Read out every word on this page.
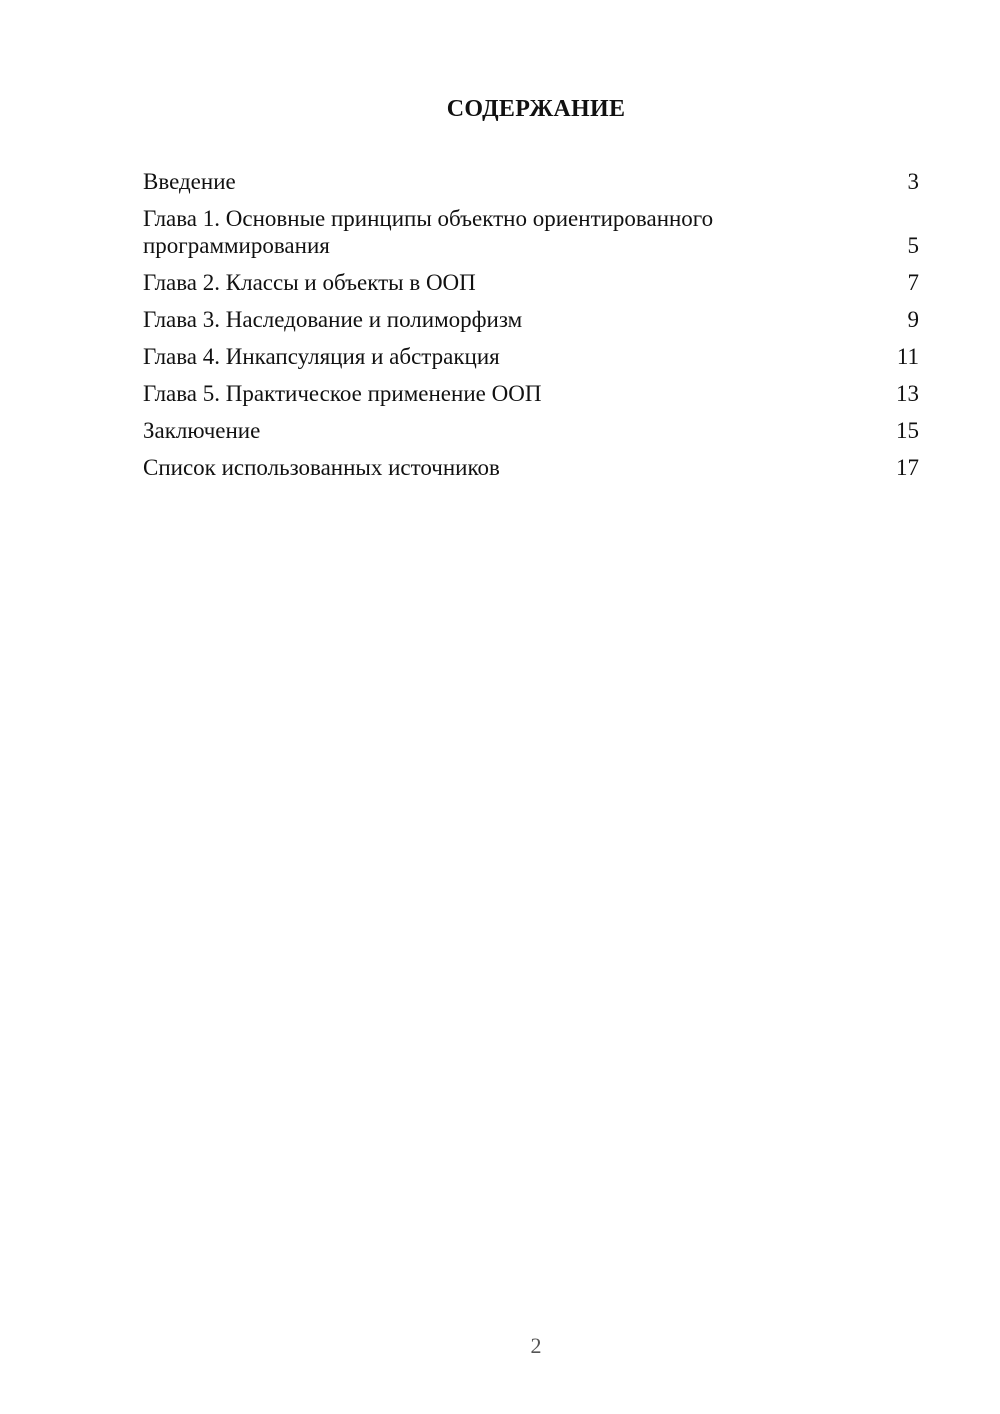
СОДЕРЖАНИЕ
Введение	3
Глава 1. Основные принципы объектно ориентированного программирования	5
Глава 2. Классы и объекты в ООП	7
Глава 3. Наследование и полиморфизм	9
Глава 4. Инкапсуляция и абстракция	11
Глава 5. Практическое применение ООП	13
Заключение	15
Список использованных источников	17
2
